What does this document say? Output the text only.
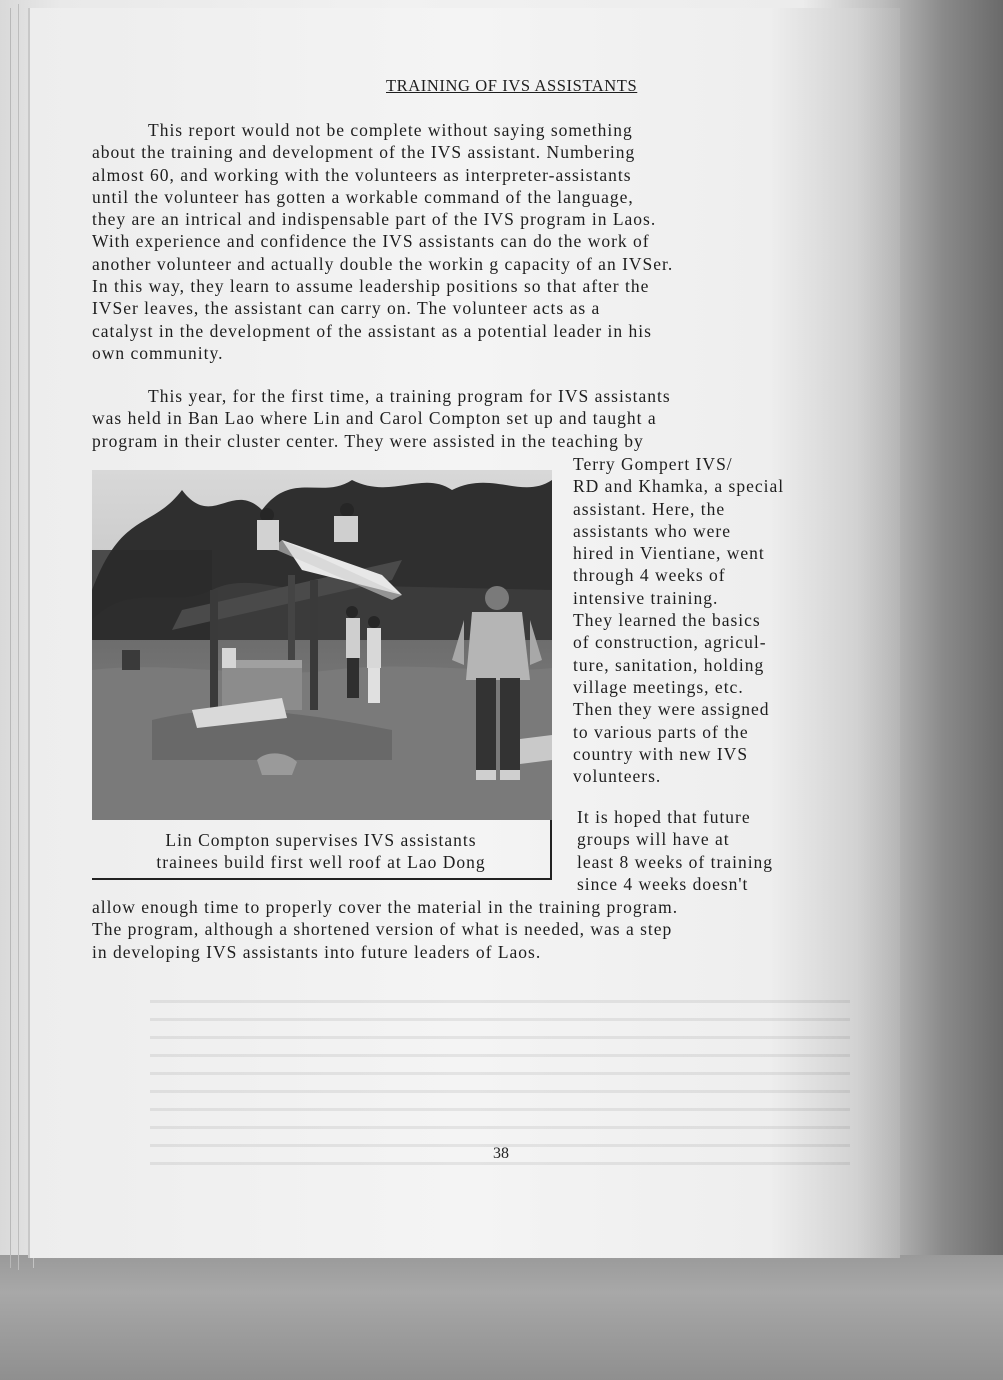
TRAINING OF IVS ASSISTANTS
This report would not be complete without saying something
about the training and development of the IVS assistant. Numbering
almost 60, and working with the volunteers as interpreter-assistants
until the volunteer has gotten a workable command of the language,
they are an intrical and indispensable part of the IVS program in Laos.
With experience and confidence the IVS assistants can do the work of
another volunteer and actually double the workin g capacity of an IVSer.
In this way, they learn to assume leadership positions so that after the
IVSer leaves, the assistant can carry on. The volunteer acts as a
catalyst in the development of the assistant as a potential leader in his
own community.
This year, for the first time, a training program for IVS assistants
was held in Ban Lao where Lin and Carol Compton set up and taught a
program in their cluster center. They were assisted in the teaching by
Lin Compton supervises IVS assistants
trainees build first well roof at Lao Dong
Terry Gompert IVS/
RD and Khamka, a special
assistant. Here, the
assistants who were
hired in Vientiane, went
through 4 weeks of
intensive training.
They learned the basics
of construction, agricul-
ture, sanitation, holding
village meetings, etc.
Then they were assigned
to various parts of the
country with new IVS
volunteers.
It is hoped that future
groups will have at
least 8 weeks of training
since 4 weeks doesn't
allow enough time to properly cover the material in the training program.
The program, although a shortened version of what is needed, was a step
in developing IVS assistants into future leaders of Laos.
38
